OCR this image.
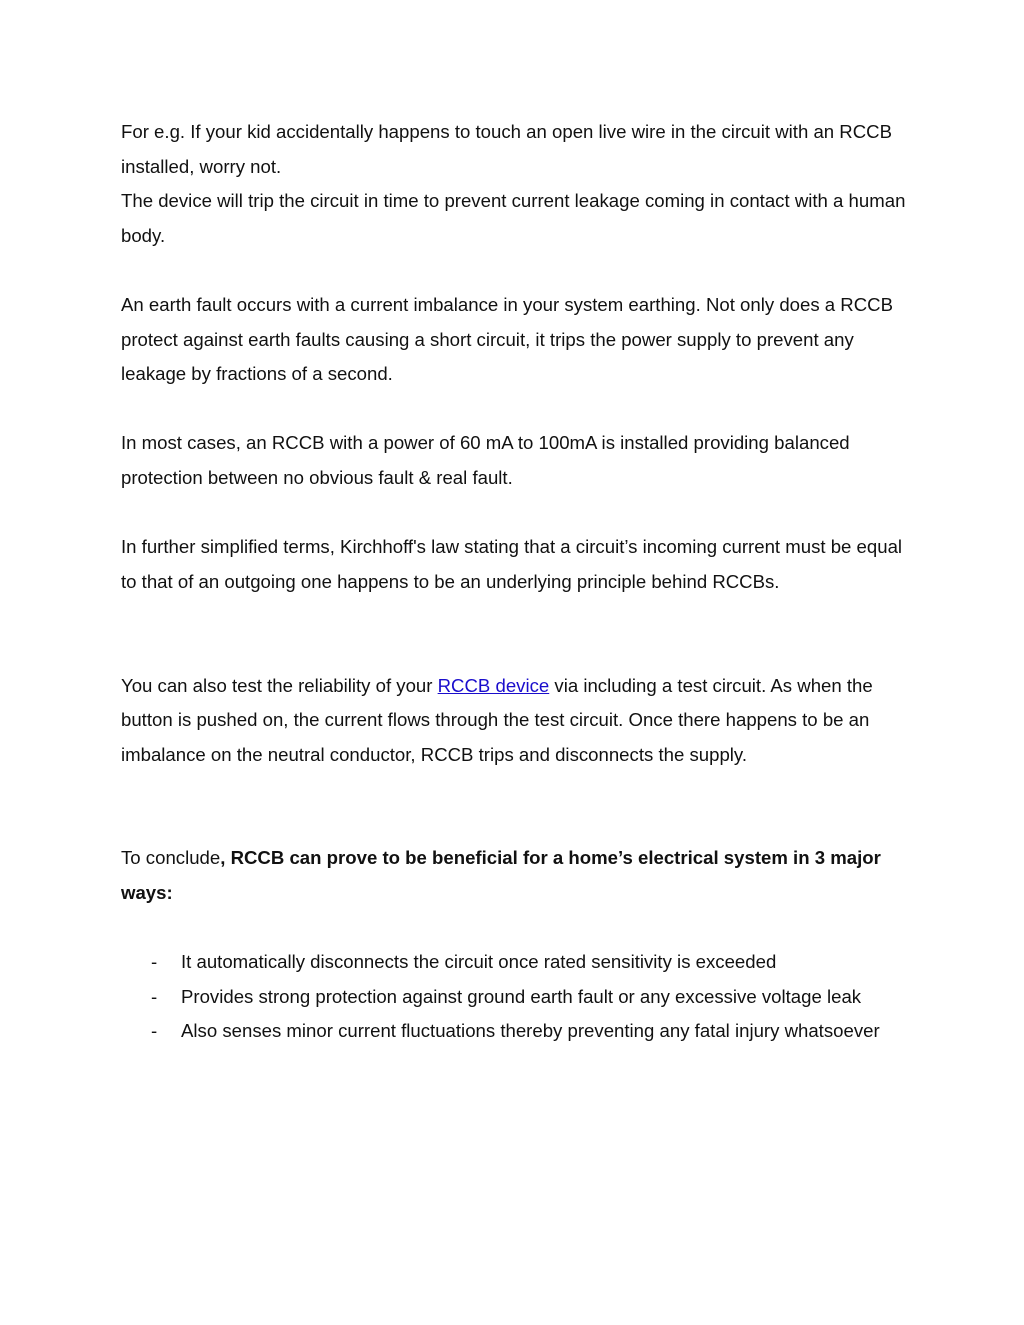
For e.g. If your kid accidentally happens to touch an open live wire in the circuit with an RCCB installed, worry not.

The device will trip the circuit in time to prevent current leakage coming in contact with a human body.

An earth fault occurs with a current imbalance in your system earthing. Not only does a RCCB protect against earth faults causing a short circuit, it trips the power supply to prevent any leakage by fractions of a second.

In most cases, an RCCB with a power of 60 mA to 100mA is installed providing balanced protection between no obvious fault & real fault.

In further simplified terms, Kirchhoff's law stating that a circuit’s incoming current must be equal to that of an outgoing one happens to be an underlying principle behind RCCBs.

You can also test the reliability of your RCCB device via including a test circuit. As when the button is pushed on, the current flows through the test circuit. Once there happens to be an imbalance on the neutral conductor, RCCB trips and disconnects the supply.

To conclude, RCCB can prove to be beneficial for a home’s electrical system in 3 major ways:

- It automatically disconnects the circuit once rated sensitivity is exceeded
- Provides strong protection against ground earth fault or any excessive voltage leak
- Also senses minor current fluctuations thereby preventing any fatal injury whatsoever
